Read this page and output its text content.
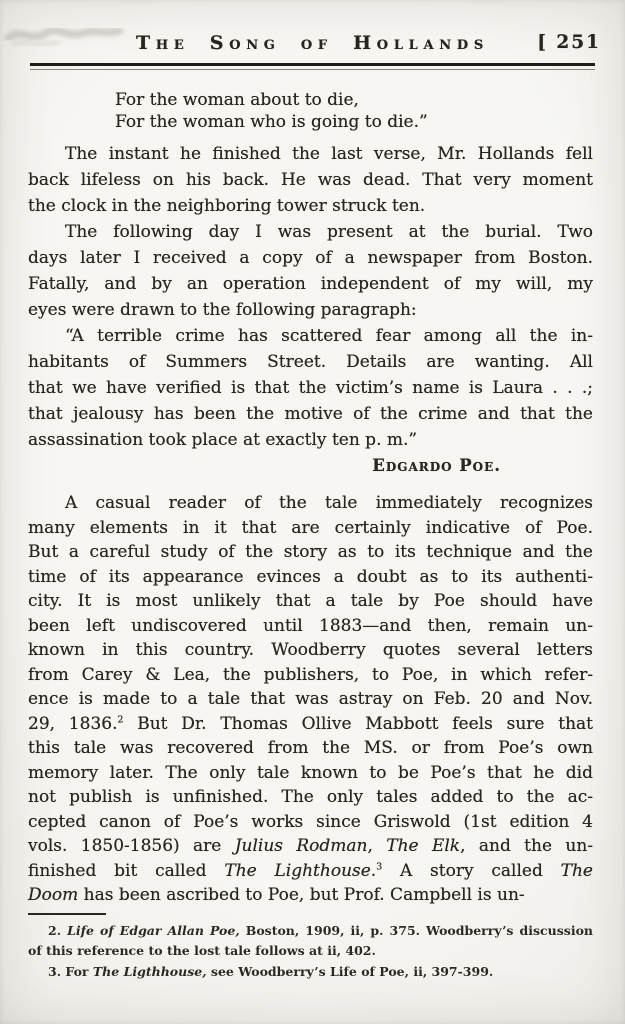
The Song of Hollands	[ 251
For the woman about to die,
For the woman who is going to die.”
The instant he finished the last verse, Mr. Hollands fell
back lifeless on his back. He was dead. That very moment
the clock in the neighboring tower struck ten.
The following day I was present at the burial. Two
days later I received a copy of a newspaper from Boston.
Fatally, and by an operation independent of my will, my
eyes were drawn to the following paragraph:
“A terrible crime has scattered fear among all the in-
habitants of Summers Street. Details are wanting. All
that we have verified is that the victim’s name is Laura . . .;
that jealousy has been the motive of the crime and that the
assassination took place at exactly ten p. m.”
Edgardo Poe.
A casual reader of the tale immediately recognizes
many elements in it that are certainly indicative of Poe.
But a careful study of the story as to its technique and the
time of its appearance evinces a doubt as to its authenti-
city. It is most unlikely that a tale by Poe should have
been left undiscovered until 1883—and then, remain un-
known in this country. Woodberry quotes several letters
from Carey & Lea, the publishers, to Poe, in which refer-
ence is made to a tale that was astray on Feb. 20 and Nov.
29, 1836.$^2$ But Dr. Thomas Ollive Mabbott feels sure that
this tale was recovered from the MS. or from Poe’s own
memory later. The only tale known to be Poe’s that he did
not publish is unfinished. The only tales added to the ac-
cepted canon of Poe’s works since Griswold (1st edition 4
vols. 1850-1856) are Julius Rodman, The Elk, and the un-
finished bit called The Lighthouse.$^3$ A story called The
Doom has been ascribed to Poe, but Prof. Campbell is un-
2. Life of Edgar Allan Poe, Boston, 1909, ii, p. 375. Woodberry’s discussion
of this reference to the lost tale follows at ii, 402.
3. For The Ligthhouse, see Woodberry’s Life of Poe, ii, 397-399.
